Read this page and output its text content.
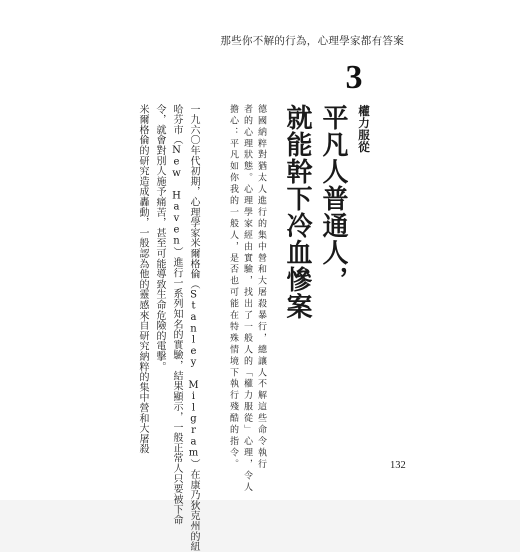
那些你不解的行為，心理學家都有答案
3
權力服從
平凡人普通人，
就能幹下冷血慘案
德國納粹對猶太人進行的集中營和大屠殺暴行，總讓人不解這些命令執行
者的心理狀態。心理學家經由實驗，找出了一般人的「權力服從」心理，令人
擔心：平凡如你我的一般人，是否也可能在特殊情境下執行殘酷的指令。
一九六〇年代初期，心理學家米爾格倫（Stanley Milgram）在康乃狄克州的紐
哈芬市（New Haven）進行一系列知名的實驗，結果顯示，一般正常人只要被下命
令，就會對別人施予痛苦，甚至可能導致生命危險的電擊。
米爾格倫的研究造成轟動，一般認為他的靈感來自研究納粹的集中營和大屠殺
132
